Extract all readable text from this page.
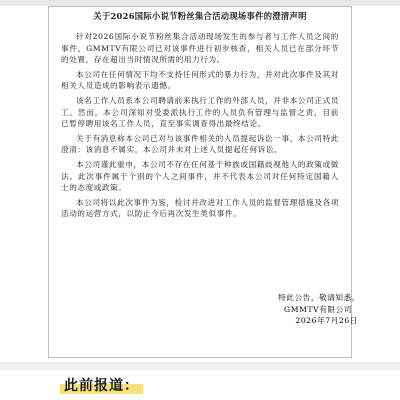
关于2026国际小说节粉丝集合活动现场事件的澄清声明

针对2026国际小说节粉丝集合活动现场发生的参与者与工作人员之间的事件，GMMTV有限公司已对该事件进行初步核查，相关人员已在部分环节的处置，存在超出当时情况所需的用力行为。

本公司在任何情况下均不支持任何形式的暴力行为，并对此次事件及其对相关人员造成的影响表示遗憾。

该名工作人员系本公司聘请前来执行工作的外部人员，并非本公司正式员工。然而，本公司深知对受委派执行工作的人员负有管理与监督之责，目前已暂停聘用该名工作人员，直至事实调查得出最终结论。

关于有消息称本公司已对与该事件相关的人员提起诉讼一事，本公司特此澄清：该消息不属实，本公司并未对上述人员提起任何诉讼。

本公司谨此重申，本公司不存在任何基于种族或国籍歧视他人的政策或做法。此次事件属于个别的个人之间事件，并不代表本公司对任何特定国籍人士的态度或政策。

本公司将以此次事件为鉴，检讨并改进对工作人员的监督管理措施及各项活动的运营方式，以防止今后再次发生类似事件。

特此公告，敬请知悉。
GMMTV有限公司
2026年7月26日
此前报道：
